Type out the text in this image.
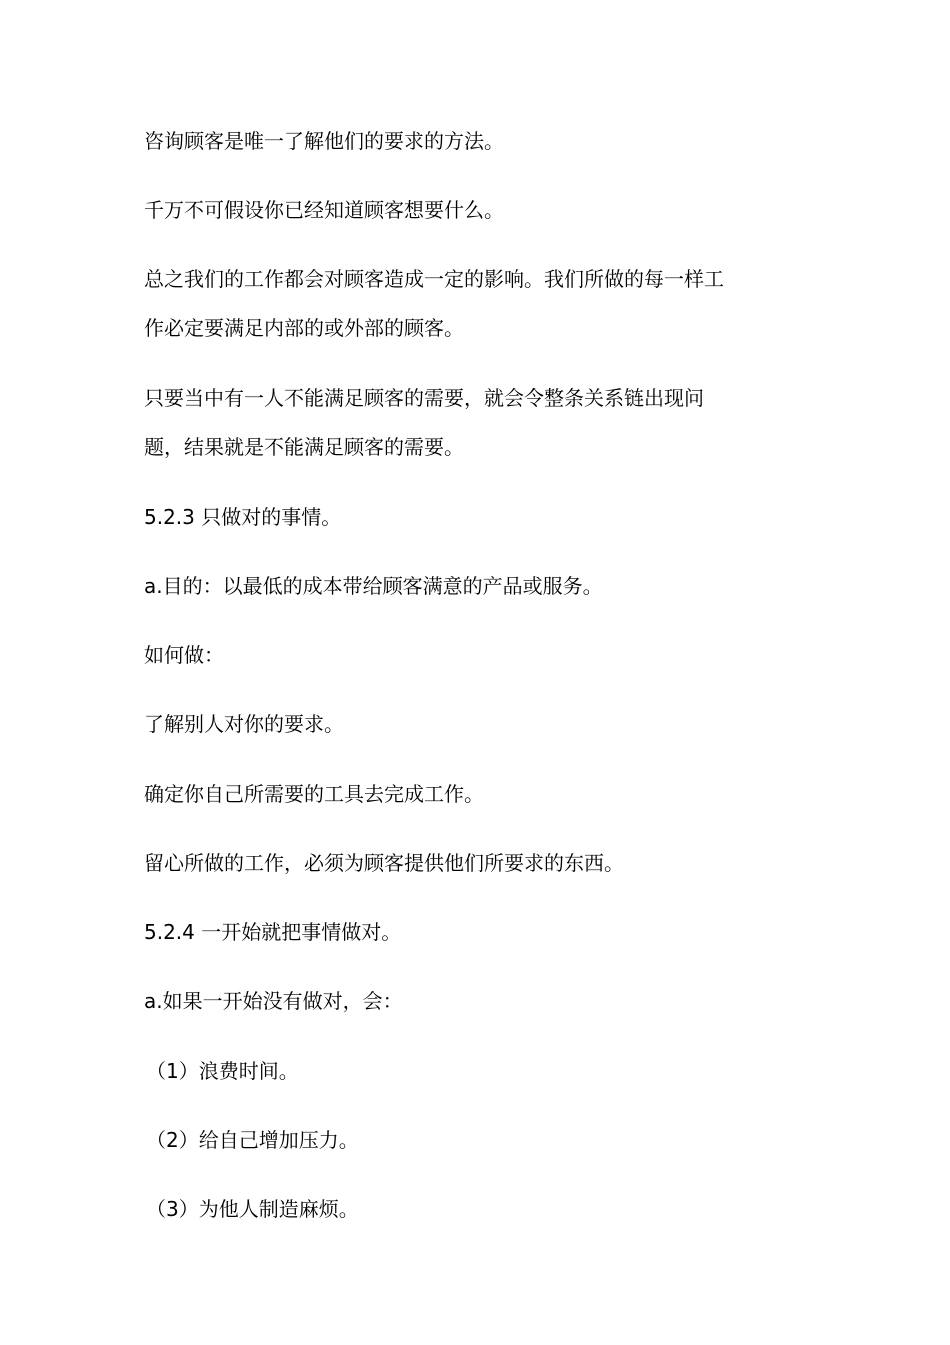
咨询顾客是唯一了解他们的要求的方法。

千万不可假设你已经知道顾客想要什么。

总之我们的工作都会对顾客造成一定的影响。我们所做的每一样工

作必定要满足内部的或外部的顾客。

只要当中有一人不能满足顾客的需要，就会令整条关系链出现问

题，结果就是不能满足顾客的需要。

5.2.3 只做对的事情。

a.目的：以最低的成本带给顾客满意的产品或服务。

如何做：

了解别人对你的要求。

确定你自己所需要的工具去完成工作。

留心所做的工作，必须为顾客提供他们所要求的东西。

5.2.4 一开始就把事情做对。

a.如果一开始没有做对，会：

（1）浪费时间。

（2）给自己增加压力。

（3）为他人制造麻烦。
